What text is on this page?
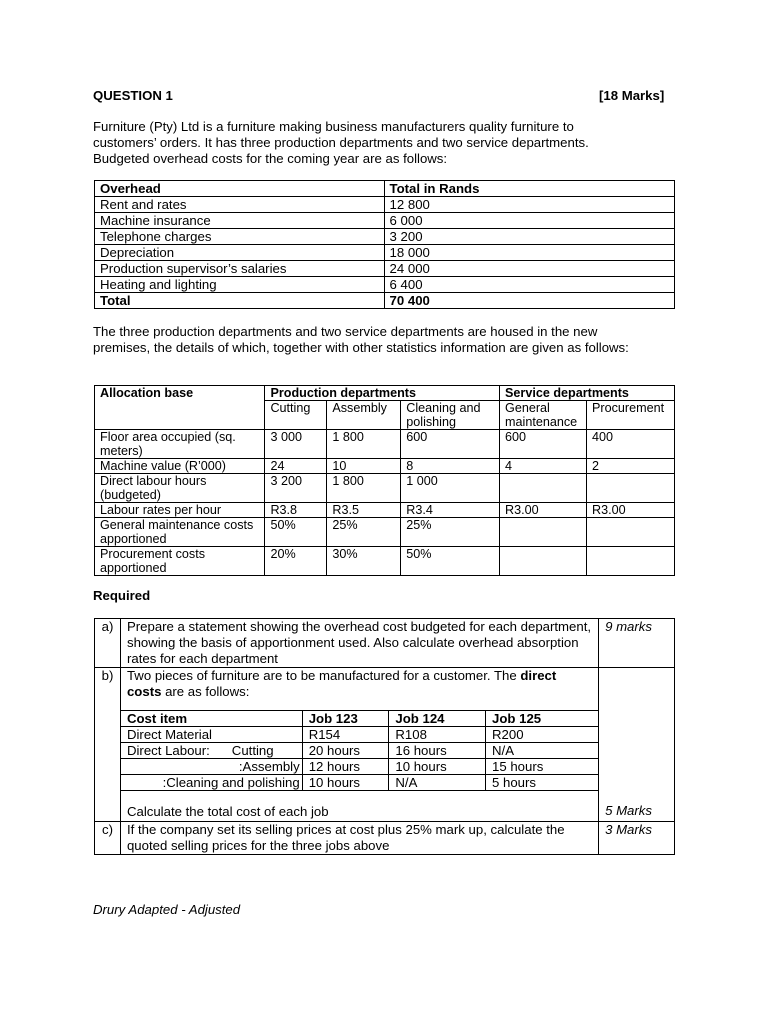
QUESTION 1	[18 Marks]

Furniture (Pty) Ltd is a furniture making business manufacturers quality furniture to

customers’ orders. It has three production departments and two service departments.

Budgeted overhead costs for the coming year are as follows:

Overhead	Total in Rands
Rent and rates	12 800
Machine insurance	6 000
Telephone charges	3 200
Depreciation	18 000
Production supervisor’s salaries	24 000
Heating and lighting	6 400
Total	70 400

The three production departments and two service departments are housed in the new

premises, the details of which, together with other statistics information are given as follows:

Allocation base	Production departments			Service departments	
	Cutting	Assembly	Cleaning and polishing	General maintenance	Procurement
Floor area occupied (sq. meters)	3 000	1 800	600	600	400
Machine value (R’000)	24	10	8	4	2
Direct labour hours (budgeted)	3 200	1 800	1 000		
Labour rates per hour	R3.8	R3.5	R3.4	R3.00	R3.00
General maintenance costs apportioned	50%	25%	25%		
Procurement costs apportioned	20%	30%	50%		
Required
a)	Prepare a statement showing the overhead cost budgeted for each department, showing the basis of apportionment used. Also calculate overhead absorption rates for each department	9 marks
b)	Two pieces of furniture are to be manufactured for a customer. The direct costs are as follows:
Cost item	Job 123	Job 124	Job 125
Direct Material	R154	R108	R200
Direct Labour: Cutting	20 hours	16 hours	N/A
:Assembly	12 hours	10 hours	15 hours
:Cleaning and polishing	10 hours	N/A	5 hours
Calculate the total cost of each job	5 Marks
c)	If the company set its selling prices at cost plus 25% mark up, calculate the quoted selling prices for the three jobs above	3 Marks
Drury Adapted - Adjusted
